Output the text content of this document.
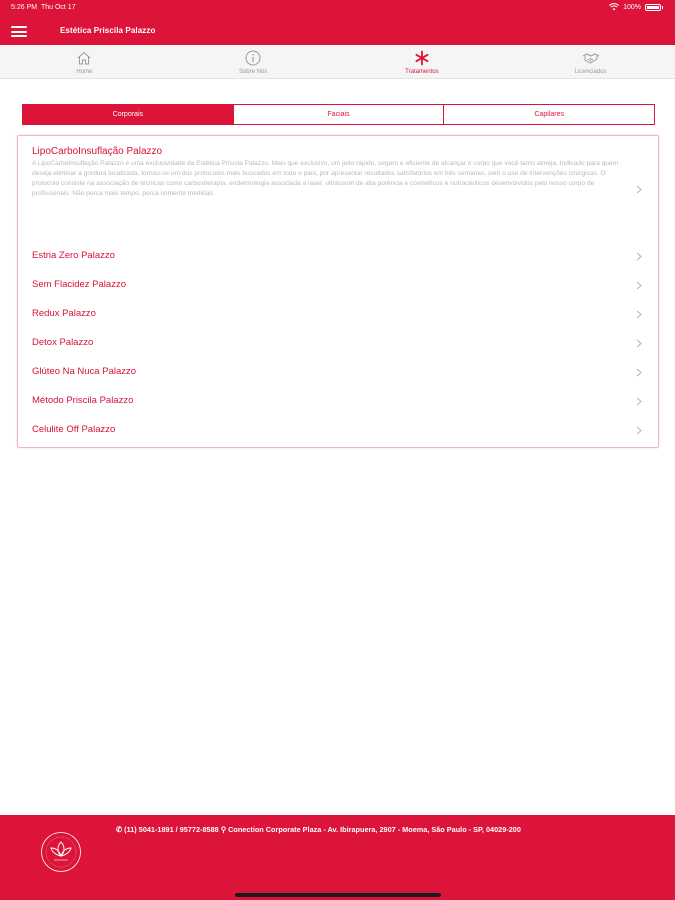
5:26 PM Thu Oct 17	100%
Estética Priscila Palazzo
Home	Sobre Nós	Tratamentos	Licenciados
Corporais	Faciais	Capilares
LipoCarboInsuflação Palazzo
A LipoCarboInsuflação Palazzo é uma exclusividade da Estética Priscila Palazzo. Mais que exclusivo, um jeito rápido, seguro e eficiente de alcançar o corpo que você tanto almeja. Indicado para quem deseja eliminar a gordura localizada, tornou-se um dos protocolos mais buscados em todo o país, por apresentar resultados satisfatórios em três semanas, sem o uso de intervenções cirúrgicas. O protocolo consiste na associação de técnicas como carboxiterapia, endermologia associada a laser, ultrassom de alta potência e cosméticos e nutracêuticos desenvolvidos pelo nosso corpo de profissionais. Não perca mais tempo, perca somente medidas.
Estria Zero Palazzo
Sem Flacidez Palazzo
Redux Palazzo
Detox Palazzo
Glúteo Na Nuca Palazzo
Método Priscila Palazzo
Celulite Off Palazzo
✆ (11) 5041-1891 / 95772-8588 ⚲ Conection Corporate Plaza - Av. Ibirapuera, 2907 - Moema, São Paulo - SP, 04029-200
